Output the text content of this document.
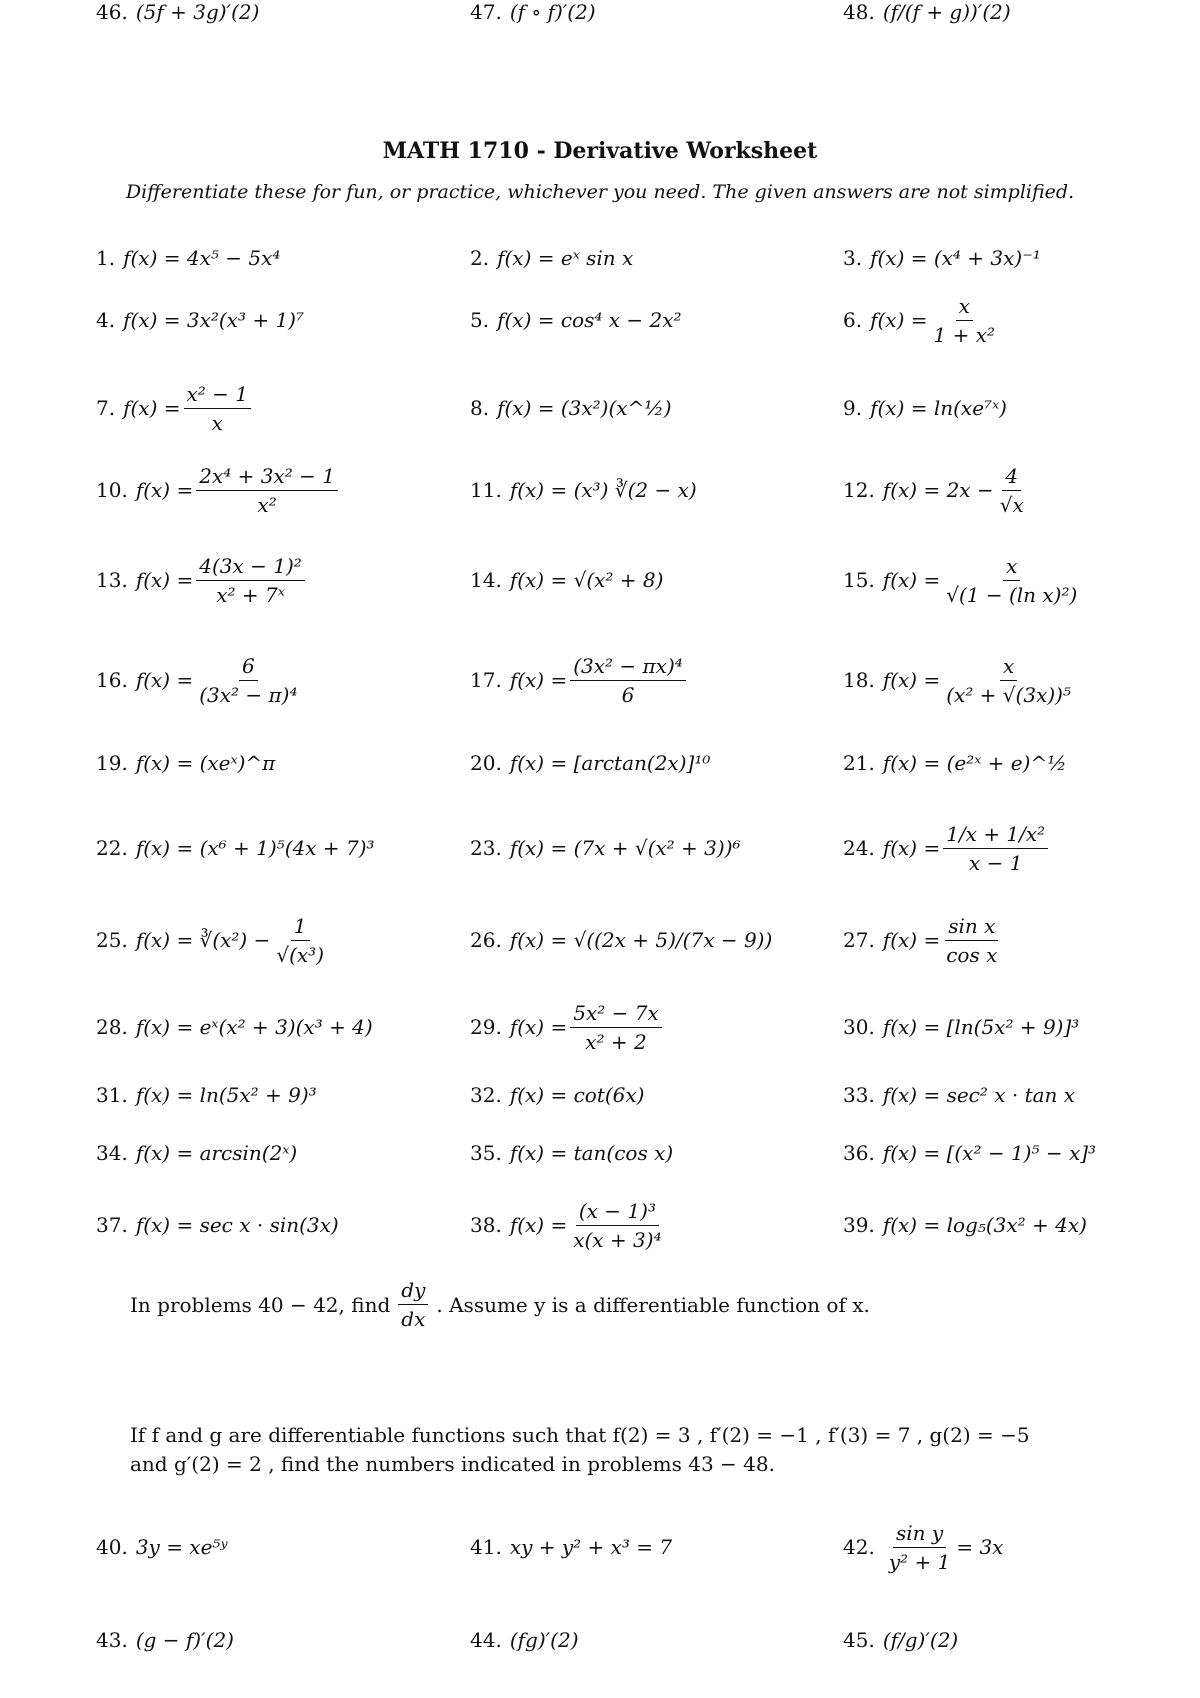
MATH 1710 - Derivative Worksheet
Differentiate these for fun, or practice, whichever you need. The given answers are not simplified.
1. f(x) = 4x⁵ − 5x⁴	2. f(x) = eˣ sin x	3. f(x) = (x⁴ + 3x)⁻¹
4. f(x) = 3x²(x³ + 1)⁷	5. f(x) = cos⁴ x − 2x²	6. $f(x) = \frac{x}{\text{1 + x²}}$
7. $f(x) = \frac{\text{x² − 1}}{x}$	8. f(x) = (3x²)(x^½)	9. f(x) = ln(xe⁷ˣ)
10. $f(x) = \frac{\text{2x⁴ + 3x² − 1}}{\text{x²}}$	11. f(x) = (x³) ∛(2 − x)	12. $f(x) = 2x - \frac{4}{√x}$
13. $f(x) = \frac{\text{4(3x − 1)²}}{\text{x² + 7ˣ}}$	14. f(x) = √(x² + 8)	15. $f(x) = \frac{x}{\text{√(1 − (ln x)²)}}$
16. $f(x) = \frac{6}{\text{(3x² − π)⁴}}$	17. $f(x) = \frac{\text{(3x² − πx)⁴}}{6}$	18. $f(x) = \frac{x}{\text{(x² + √(3x))⁵}}$
19. f(x) = (xeˣ)^π	20. f(x) = [arctan(2x)]¹⁰	21. f(x) = (e²ˣ + e)^½
22. f(x) = (x⁶ + 1)⁵(4x + 7)³	23. f(x) = (7x + √(x² + 3))⁶	24. $f(x) = \frac{\text{1/x + 1/x²}}{x - 1}$
25. f(x) = ∛(x²) − $\frac{1}{\text{√(x³)}}$	26. f(x) = √((2x + 5)/(7x − 9))	27. $f(x) = \frac{\text{sin x}}{\text{cos x}}$
28. f(x) = eˣ(x² + 3)(x³ + 4)	29. $f(x) = \frac{\text{5x² − 7x}}{\text{x² + 2}}$	30. f(x) = [ln(5x² + 9)]³
31. f(x) = ln(5x² + 9)³	32. f(x) = cot(6x)	33. f(x) = sec² x · tan x
34. f(x) = arcsin(2ˣ)	35. f(x) = tan(cos x)	36. f(x) = [(x² − 1)⁵ − x]³
37. f(x) = sec x · sin(3x)	38. $f(x) = \frac{\text{(x − 1)³}}{\text{x(x + 3)⁴}}$	39. f(x) = log₅(3x² + 4x)
40. 3y = xe⁵ʸ	41. xy + y² + x³ = 7	42. $\frac{\text{sin y}}{\text{y² + 1}} = 3x$
43. (g − f)′(2)	44. (fg)′(2)	45. (f/g)′(2)
46. (5f + 3g)′(2)	47. (f ∘ f)′(2)	48. (f/(f + g))′(2)
In problems 40 − 42, find
dy
dx
. Assume y is a differentiable function of x.
If f and g are differentiable functions such that f(2) = 3 , f′(2) = −1 , f′(3) = 7 , g(2) = −5
and g′(2) = 2 , find the numbers indicated in problems 43 − 48.
